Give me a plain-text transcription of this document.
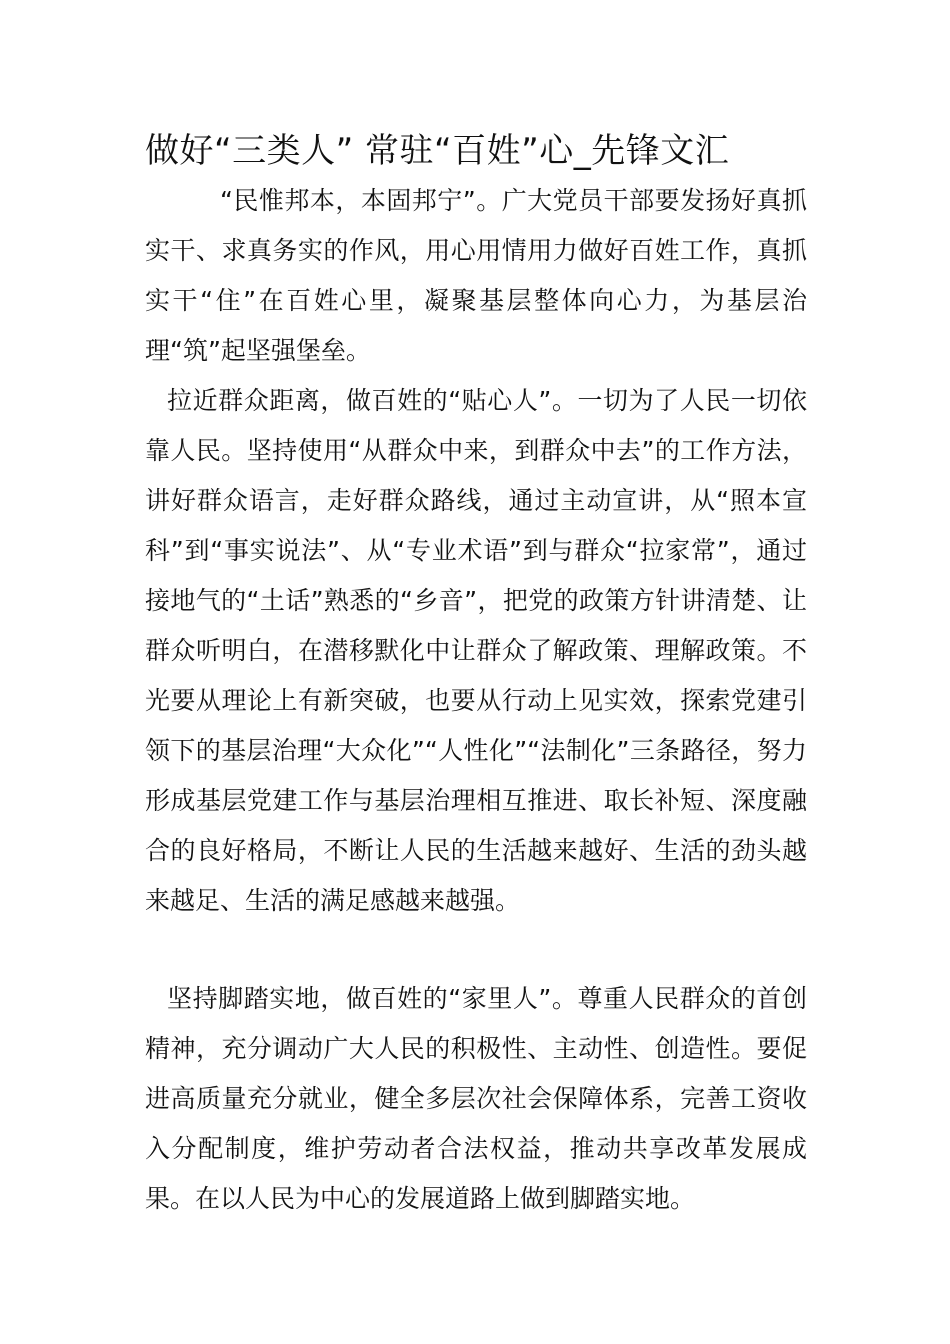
做好“三类人” 常驻“百姓”心_先锋文汇

“民惟邦本，本固邦宁”。广大党员干部要发扬好真抓实干、求真务实的作风，用心用情用力做好百姓工作，真抓实干“住”在百姓心里，凝聚基层整体向心力，为基层治理“筑”起坚强堡垒。

拉近群众距离，做百姓的“贴心人”。一切为了人民一切依靠人民。坚持使用“从群众中来，到群众中去”的工作方法，讲好群众语言，走好群众路线，通过主动宣讲，从“照本宣科”到“事实说法”、从“专业术语”到与群众“拉家常”，通过接地气的“土话”熟悉的“乡音”，把党的政策方针讲清楚、让群众听明白，在潜移默化中让群众了解政策、理解政策。不光要从理论上有新突破，也要从行动上见实效，探索党建引领下的基层治理“大众化”“人性化”“法制化”三条路径，努力形成基层党建工作与基层治理相互推进、取长补短、深度融合的良好格局，不断让人民的生活越来越好、生活的劲头越来越足、生活的满足感越来越强。

坚持脚踏实地，做百姓的“家里人”。尊重人民群众的首创精神，充分调动广大人民的积极性、主动性、创造性。要促进高质量充分就业，健全多层次社会保障体系，完善工资收入分配制度，维护劳动者合法权益，推动共享改革发展成果。在以人民为中心的发展道路上做到脚踏实地。
